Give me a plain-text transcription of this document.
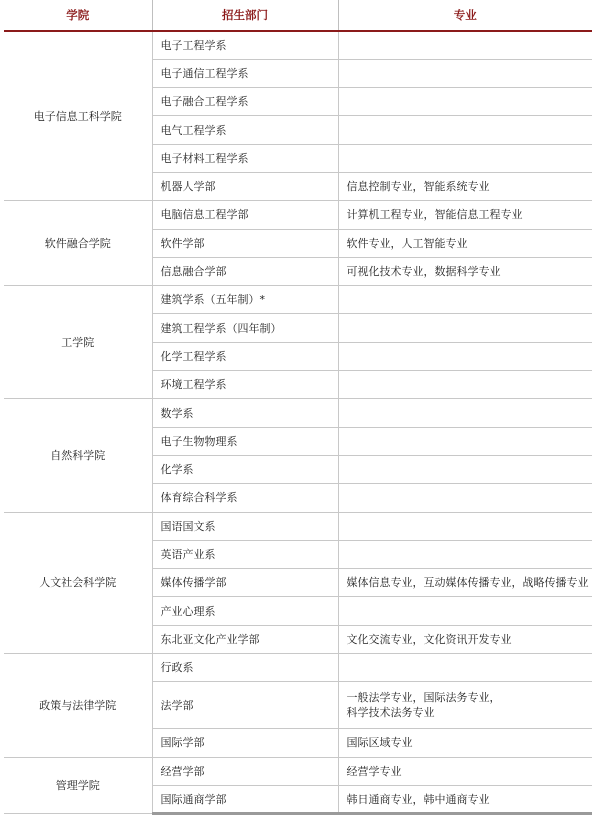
学院	招生部门	专业
电子信息工科学院	电子工程学系	
	电子通信工程学系	
	电子融合工程学系	
	电气工程学系	
	电子材料工程学系	
	机器人学部	信息控制专业，智能系统专业
软件融合学院	电脑信息工程学部	计算机工程专业，智能信息工程专业
	软件学部	软件专业，人工智能专业
	信息融合学部	可视化技术专业，数据科学专业
工学院	建筑学系（五年制）*	
	建筑工程学系（四年制）	
	化学工程学系	
	环境工程学系	
自然科学院	数学系	
	电子生物物理系	
	化学系	
	体育综合科学系	
人文社会科学院	国语国文系	
	英语产业系	
	媒体传播学部	媒体信息专业，互动媒体传播专业，战略传播专业
	产业心理系	
	东北亚文化产业学部	文化交流专业，文化资讯开发专业
政策与法律学院	行政系	
	法学部	一般法学专业，国际法务专业，
科学技术法务专业

	国际学部	国际区域专业
管理学院	经营学部	经营学专业
	国际通商学部	韩日通商专业，韩中通商专业
